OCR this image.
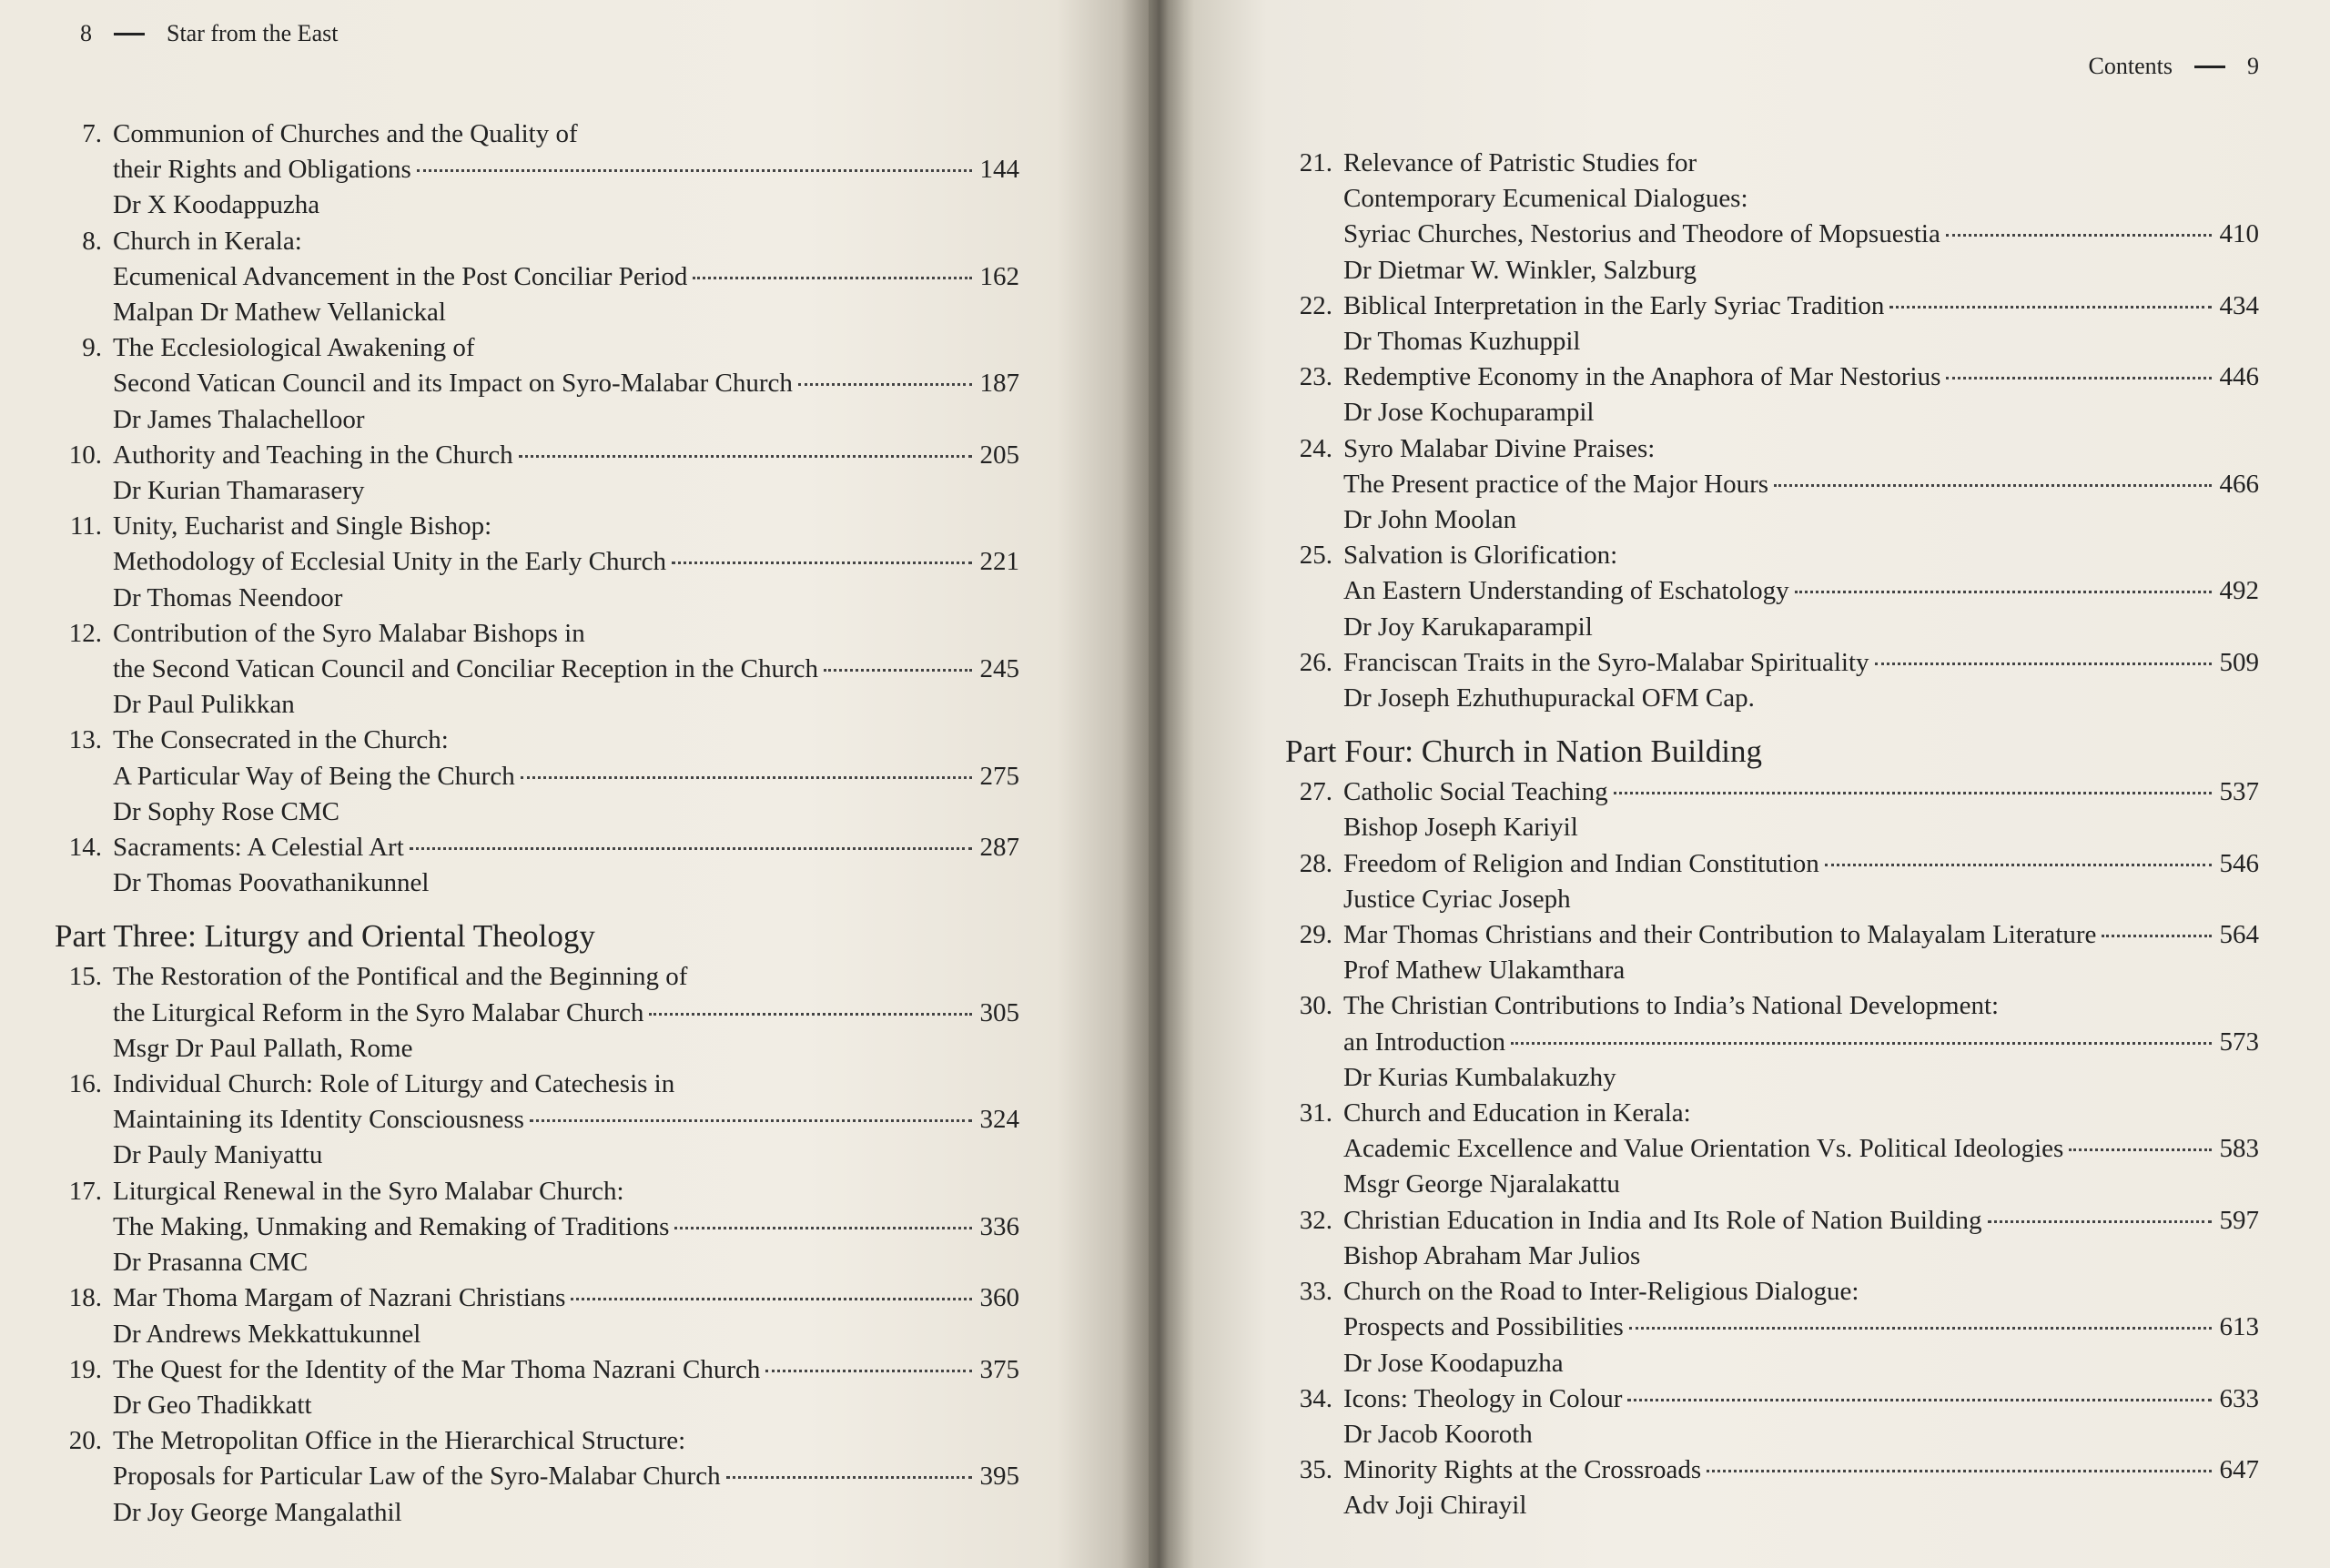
8	Star from the East
7. Communion of Churches and the Quality of
their Rights and Obligations	144
Dr X Koodappuzha
8. Church in Kerala:
Ecumenical Advancement in the Post Conciliar Period	162
Malpan Dr Mathew Vellanickal
9. The Ecclesiological Awakening of
Second Vatican Council and its Impact on Syro-Malabar Church	187
Dr James Thalachelloor
10. Authority and Teaching in the Church	205
Dr Kurian Thamarasery
11. Unity, Eucharist and Single Bishop:
Methodology of Ecclesial Unity in the Early Church	221
Dr Thomas Neendoor
12. Contribution of the Syro Malabar Bishops in
the Second Vatican Council and Conciliar Reception in the Church	245
Dr Paul Pulikkan
13. The Consecrated in the Church:
A Particular Way of Being the Church	275
Dr Sophy Rose CMC
14. Sacraments: A Celestial Art	287
Dr Thomas Poovathanikunnel
Part Three: Liturgy and Oriental Theology
15. The Restoration of the Pontifical and the Beginning of
the Liturgical Reform in the Syro Malabar Church	305
Msgr Dr Paul Pallath, Rome
16. Individual Church: Role of Liturgy and Catechesis in
Maintaining its Identity Consciousness	324
Dr Pauly Maniyattu
17. Liturgical Renewal in the Syro Malabar Church:
The Making, Unmaking and Remaking of Traditions	336
Dr Prasanna CMC
18. Mar Thoma Margam of Nazrani Christians	360
Dr Andrews Mekkattukunnel
19. The Quest for the Identity of the Mar Thoma Nazrani Church	375
Dr Geo Thadikkatt
20. The Metropolitan Office in the Hierarchical Structure:
Proposals for Particular Law of the Syro-Malabar Church	395
Dr Joy George Mangalathil
Contents	9
21. Relevance of Patristic Studies for
Contemporary Ecumenical Dialogues:
Syriac Churches, Nestorius and Theodore of Mopsuestia	410
Dr Dietmar W. Winkler, Salzburg
22. Biblical Interpretation in the Early Syriac Tradition	434
Dr Thomas Kuzhuppil
23. Redemptive Economy in the Anaphora of Mar Nestorius	446
Dr Jose Kochuparampil
24. Syro Malabar Divine Praises:
The Present practice of the Major Hours	466
Dr John Moolan
25. Salvation is Glorification:
An Eastern Understanding of Eschatology	492
Dr Joy Karukaparampil
26. Franciscan Traits in the Syro-Malabar Spirituality	509
Dr Joseph Ezhuthupurackal OFM Cap.
Part Four: Church in Nation Building
27. Catholic Social Teaching	537
Bishop Joseph Kariyil
28. Freedom of Religion and Indian Constitution	546
Justice Cyriac Joseph
29. Mar Thomas Christians and their Contribution to Malayalam Literature	564
Prof Mathew Ulakamthara
30. The Christian Contributions to India’s National Development:
an Introduction	573
Dr Kurias Kumbalakuzhy
31. Church and Education in Kerala:
Academic Excellence and Value Orientation Vs. Political Ideologies	583
Msgr George Njaralakattu
32. Christian Education in India and Its Role of Nation Building	597
Bishop Abraham Mar Julios
33. Church on the Road to Inter-Religious Dialogue:
Prospects and Possibilities	613
Dr Jose Koodapuzha
34. Icons: Theology in Colour	633
Dr Jacob Kooroth
35. Minority Rights at the Crossroads	647
Adv Joji Chirayil
